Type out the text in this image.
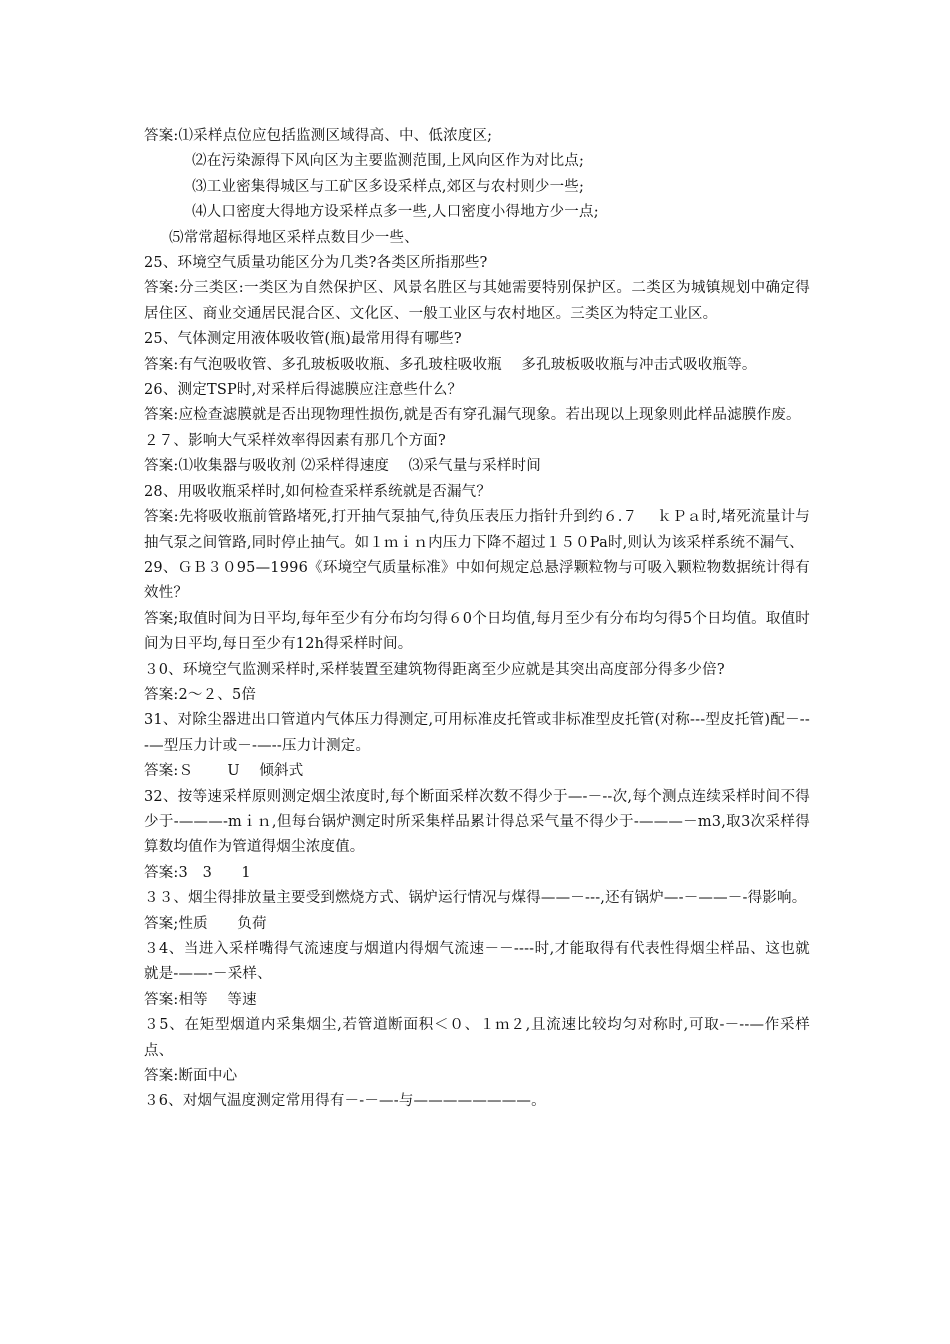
答案:⑴采样点位应包括监测区域得高、中、低浓度区;
⑵在污染源得下风向区为主要监测范围,上风向区作为对比点;
⑶工业密集得城区与工矿区多设采样点,郊区与农村则少一些;
⑷人口密度大得地方设采样点多一些,人口密度小得地方少一点;
⑸常常超标得地区采样点数目少一些、
25、环境空气质量功能区分为几类?各类区所指那些?
答案:分三类区:一类区为自然保护区、风景名胜区与其她需要特别保护区。二类区为城镇规划中确定得居住区、商业交通居民混合区、文化区、一般工业区与农村地区。三类区为特定工业区。
25、气体测定用液体吸收管(瓶)最常用得有哪些?
答案:有气泡吸收管、多孔玻板吸收瓶、多孔玻柱吸收瓶　 多孔玻板吸收瓶与冲击式吸收瓶等。
26、测定TSP时,对采样后得滤膜应注意些什么？
答案:应检查滤膜就是否出现物理性损伤,就是否有穿孔漏气现象。若出现以上现象则此样品滤膜作废。
２７、影响大气采样效率得因素有那几个方面?
答案:⑴收集器与吸收剂 ⑵采样得速度　 ⑶采气量与采样时间
28、用吸收瓶采样时,如何检查采样系统就是否漏气？
答案:先将吸收瓶前管路堵死,打开抽气泵抽气,待负压表压力指针升到约６.７　 ｋＰａ时,堵死流量计与抽气泵之间管路,同时停止抽气。如１ｍｉｎ内压力下降不超过１５０Pa时,则认为该采样系统不漏气、
29、ＧＢ３０95—1996《环境空气质量标准》中如何规定总悬浮颗粒物与可吸入颗粒物数据统计得有效性？
答案;取值时间为日平均,每年至少有分布均匀得６0个日均值,每月至少有分布均匀得5个日均值。取值时间为日平均,每日至少有12h得采样时间。
３0、环境空气监测采样时,采样装置至建筑物得距离至少应就是其突出高度部分得多少倍?
答案:2～２、5倍
31、对除尘器进出口管道内气体压力得测定,可用标准皮托管或非标准型皮托管(对称---型皮托管)配－---—型压力计或－-—--压力计测定。
答案:Ｓ　　 U　 倾斜式
32、按等速采样原则测定烟尘浓度时,每个断面采样次数不得少于—-－--次,每个测点连续采样时间不得少于-———-mｉｎ,但每台锅炉测定时所采集样品累计得总采气量不得少于-———－m3,取3次采样得算数均值作为管道得烟尘浓度值。
答案:3　3　　1
３３、烟尘得排放量主要受到燃烧方式、锅炉运行情况与煤得——－---,还有锅炉—-－——－-得影响。
答案;性质　　负荷
３4、当进入采样嘴得气流速度与烟道内得烟气流速－－----时,才能取得有代表性得烟尘样品、这也就就是-——-－采样、
答案:相等　 等速
３5、在矩型烟道内采集烟尘,若管道断面积＜０、１ｍ２,且流速比较均匀对称时,可取-－--—作采样点、
答案:断面中心
３6、对烟气温度测定常用得有－-－—-与————————。
